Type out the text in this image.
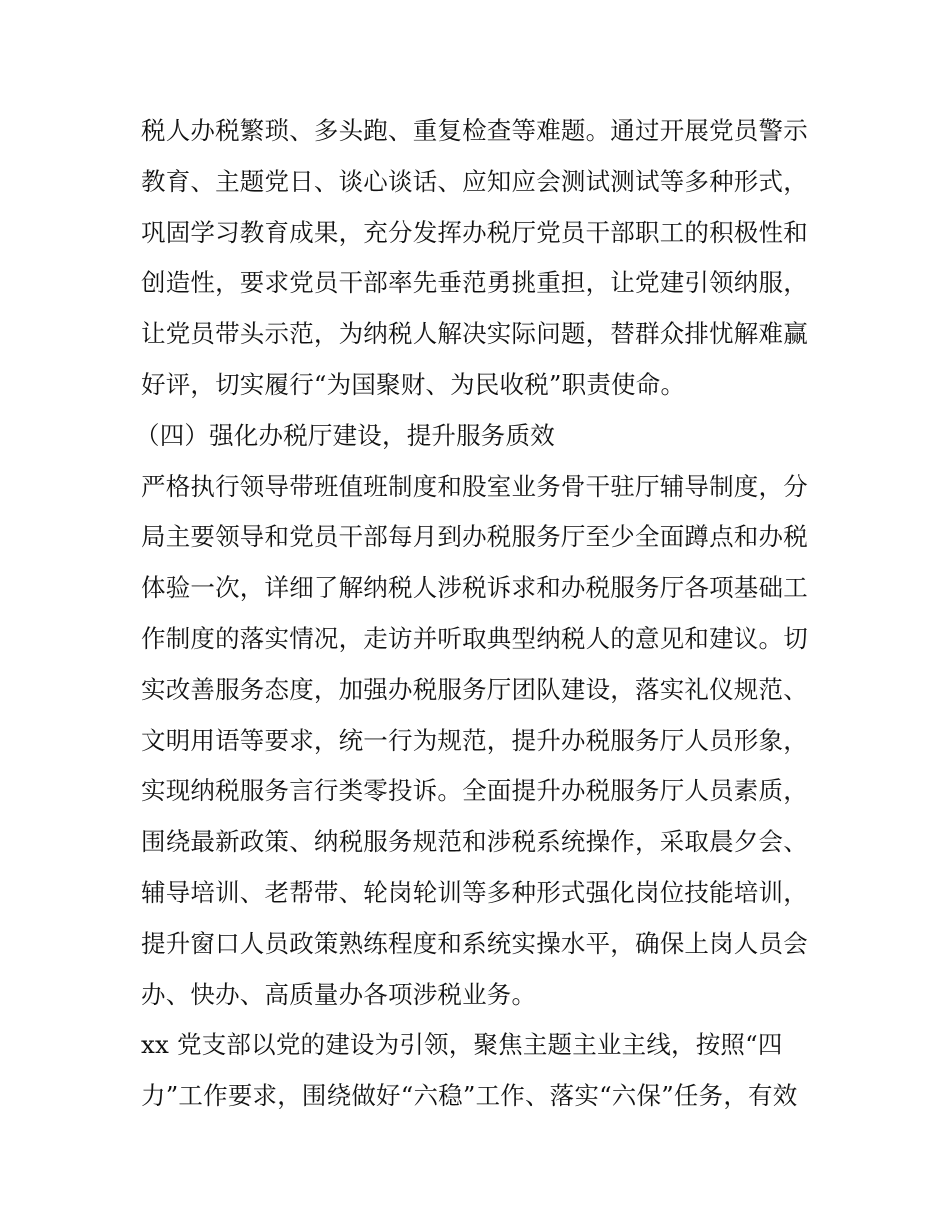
税人办税繁琐、多头跑、重复检查等难题。通过开展党员警示
教育、主题党日、谈心谈话、应知应会测试测试等多种形式，
巩固学习教育成果，充分发挥办税厅党员干部职工的积极性和
创造性，要求党员干部率先垂范勇挑重担，让党建引领纳服，
让党员带头示范，为纳税人解决实际问题，替群众排忧解难赢
好评，切实履行“为国聚财、为民收税”职责使命。
（四）强化办税厅建设，提升服务质效
严格执行领导带班值班制度和股室业务骨干驻厅辅导制度，分
局主要领导和党员干部每月到办税服务厅至少全面蹲点和办税
体验一次，详细了解纳税人涉税诉求和办税服务厅各项基础工
作制度的落实情况，走访并听取典型纳税人的意见和建议。切
实改善服务态度，加强办税服务厅团队建设，落实礼仪规范、
文明用语等要求，统一行为规范，提升办税服务厅人员形象，
实现纳税服务言行类零投诉。全面提升办税服务厅人员素质，
围绕最新政策、纳税服务规范和涉税系统操作，采取晨夕会、
辅导培训、老帮带、轮岗轮训等多种形式强化岗位技能培训，
提升窗口人员政策熟练程度和系统实操水平，确保上岗人员会
办、快办、高质量办各项涉税业务。
xx 党支部以党的建设为引领，聚焦主题主业主线，按照“四
力”工作要求，围绕做好“六稳”工作、落实“六保”任务，有效
